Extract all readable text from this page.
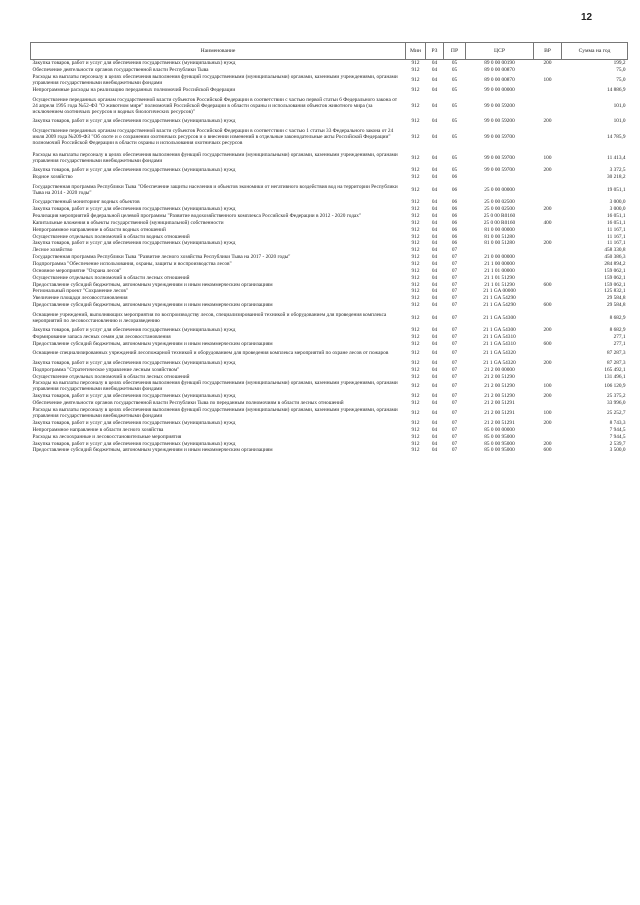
12
Наименование	Мин	РЗ	ПР	ЦСР	ВР	Сумма на год
Закупка товаров, работ и услуг для обеспечения государственных (муниципальных) нужд	912	04	05	89 0 00 00190	200	199,2
Обеспечение деятельности органов государственной власти Республики Тыва	912	04	05	89 0 00 00870		75,0
Расходы на выплаты персоналу в целях обеспечения выполнения функций государственными (муниципальными) органами, казенными учреждениями, органами управления государственными внебюджетными фондами	912	04	05	89 0 00 00870	100	75,0
Непрограммные расходы на реализацию переданных полномочий Российской Федерации	912	04	05	99 0 00 00000		14 886,9
Осуществление переданных органам государственной власти субъектов Российской Федерации в соответствии с частью первой статьи 6 Федерального закона от 24 апреля 1995 года №52-ФЗ "О животном мире" полномочий Российской Федерации в области охраны и использования объектов животного мира (за исключением охотничьих ресурсов и водных биологических ресурсов)"	912	04	05	99 0 00 59200		101,0
Закупка товаров, работ и услуг для обеспечения государственных (муниципальных) нужд	912	04	05	99 0 00 59200	200	101,0
Осуществление переданных органам государственной власти субъектов Российской Федерации в соответствии с частью 1 статьи 33 Федерального закона от 24 июля 2009 года №209-ФЗ "Об охоте и о сохранении охотничьих ресурсов и о внесении изменений в отдельные законодательные акты Российской Федерации" полномочий Российской Федерации в области охраны и использования охотничьих ресурсов	912	04	05	99 0 00 59700		14 785,9
Расходы на выплаты персоналу в целях обеспечения выполнения функций государственными (муниципальными) органами, казенными учреждениями, органами управления государственными внебюджетными фондами	912	04	05	99 0 00 59700	100	11 413,4
Закупка товаров, работ и услуг для обеспечения государственных (муниципальных) нужд	912	04	05	99 0 00 59700	200	3 372,5
Водное хозяйство	912	04	06			30 218,2
Государственная программа Республики Тыва "Обеспечение защиты населения и объектов экономики от негативного воздействия вод на территории Республики Тыва на 2014 - 2020 годы"	912	04	06	25 0 00 00000		19 051,1
Государственный мониторинг водных объектов	912	04	06	25 0 00 02500		3 000,0
Закупка товаров, работ и услуг для обеспечения государственных (муниципальных) нужд	912	04	06	25 0 00 02500	200	3 000,0
Реализация мероприятий федеральной целевой программы "Развитие водохозяйственного комплекса Российской Федерации в 2012 - 2020 годах"	912	04	06	25 0 00 R0160		16 051,1
Капитальные вложения в объекты государственной (муниципальной) собственности	912	04	06	25 0 00 R0160	400	16 051,1
Непрограммное направление в области водных отношений	912	04	06	81 0 00 00000		11 167,1
Осуществление отдельных полномочий в области водных отношений	912	04	06	81 0 00 51280		11 167,1
Закупка товаров, работ и услуг для обеспечения государственных (муниципальных) нужд	912	04	06	81 0 00 51280	200	11 167,1
Лесное хозяйство	912	04	07			458 330,8
Государственная программа Республики Тыва "Развитие лесного хозяйства Республики Тыва на 2017 - 2020 годы"	912	04	07	21 0 00 00000		450 386,3
Подпрограмма "Обеспечение использования, охраны, защиты и воспроизводства лесов"	912	04	07	21 1 00 00000		284 894,2
Основное мероприятие "Охрана лесов"	912	04	07	21 1 01 00000		159 062,1
Осуществление отдельных полномочий в области лесных отношений	912	04	07	21 1 01 51290		159 062,1
Предоставление субсидий бюджетным, автономным учреждениям и иным некоммерческим организациям	912	04	07	21 1 01 51290	600	159 062,1
Региональный проект "Сохранение лесов"	912	04	07	21 1 GA 00000		125 832,1
Увеличение площади лесовосстановления	912	04	07	21 1 GA 54290		29 584,8
Предоставление субсидий бюджетным, автономным учреждениям и иным некоммерческим организациям	912	04	07	21 1 GA 54290	600	29 584,8
Оснащение учреждений, выполняющих мероприятия по воспроизводству лесов, специализированной техникой и оборудованием для проведения комплекса мероприятий по лесовосстановлению и лесоразведению	912	04	07	21 1 GA 54300		8 682,9
Закупка товаров, работ и услуг для обеспечения государственных (муниципальных) нужд	912	04	07	21 1 GA 54300	200	8 682,9
Формирование запаса лесных семян для лесовосстановления	912	04	07	21 1 GA 54310		277,1
Предоставление субсидий бюджетным, автономным учреждениям и иным некоммерческим организациям	912	04	07	21 1 GA 54310	600	277,1
Оснащение специализированных учреждений лесопожарной техникой и оборудованием для проведения комплекса мероприятий по охране лесов от пожаров	912	04	07	21 1 GA 54320		87 287,3
Закупка товаров, работ и услуг для обеспечения государственных (муниципальных) нужд	912	04	07	21 1 GA 54320	200	87 287,3
Подпрограмма "Стратегическое управление лесным хозяйством"	912	04	07	21 2 00 00000		165 492,1
Осуществление отдельных полномочий в области лесных отношений	912	04	07	21 2 00 51290		131 496,1
Расходы на выплаты персоналу в целях обеспечения выполнения функций государственными (муниципальными) органами, казенными учреждениями, органами управления государственными внебюджетными фондами	912	04	07	21 2 00 51290	100	106 120,9
Закупка товаров, работ и услуг для обеспечения государственных (муниципальных) нужд	912	04	07	21 2 00 51290	200	25 375,2
Обеспечение деятельности органов государственной власти Республики Тыва по переданным полномочиям в области лесных отношений	912	04	07	21 2 00 51291		33 996,0
Расходы на выплаты персоналу в целях обеспечения выполнения функций государственными (муниципальными) органами, казенными учреждениями, органами управления государственными внебюджетными фондами	912	04	07	21 2 00 51291	100	25 252,7
Закупка товаров, работ и услуг для обеспечения государственных (муниципальных) нужд	912	04	07	21 2 00 51291	200	8 743,3
Непрограммное направление в области лесного хозяйства	912	04	07	85 0 00 00000		7 944,5
Расходы на лесоохранные и лесовосстановительные мероприятия	912	04	07	85 0 00 95000		7 944,5
Закупка товаров, работ и услуг для обеспечения государственных (муниципальных) нужд	912	04	07	85 0 00 95000	200	2 539,7
Предоставление субсидий бюджетным, автономным учреждениям и иным некоммерческим организациям	912	04	07	85 0 00 95000	600	3 500,0
